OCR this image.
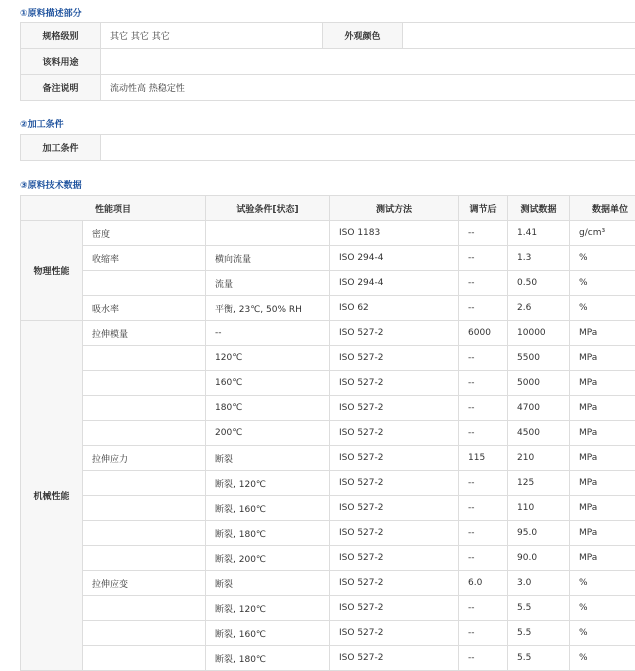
①原料描述部分
规格级别	其它 其它 其它	外观颜色	
该料用途			
备注说明	流动性高 热稳定性		
②加工条件
加工条件	
③原料技术数据
性能项目		试验条件[状态]	测试方法	调节后	测试数据	数据单位
物理性能	密度		ISO 1183	--	1.41	g/cm³
	收缩率	横向流量	ISO 294-4	--	1.3	%
		流量	ISO 294-4	--	0.50	%
	吸水率	平衡, 23℃, 50% RH	ISO 62	--	2.6	%
机械性能	拉伸模量	--	ISO 527-2	6000	10000	MPa
		120℃	ISO 527-2	--	5500	MPa
		160℃	ISO 527-2	--	5000	MPa
		180℃	ISO 527-2	--	4700	MPa
		200℃	ISO 527-2	--	4500	MPa
	拉伸应力	断裂	ISO 527-2	115	210	MPa
		断裂, 120℃	ISO 527-2	--	125	MPa
		断裂, 160℃	ISO 527-2	--	110	MPa
		断裂, 180℃	ISO 527-2	--	95.0	MPa
		断裂, 200℃	ISO 527-2	--	90.0	MPa
	拉伸应变	断裂	ISO 527-2	6.0	3.0	%
		断裂, 120℃	ISO 527-2	--	5.5	%
		断裂, 160℃	ISO 527-2	--	5.5	%
		断裂, 180℃	ISO 527-2	--	5.5	%
